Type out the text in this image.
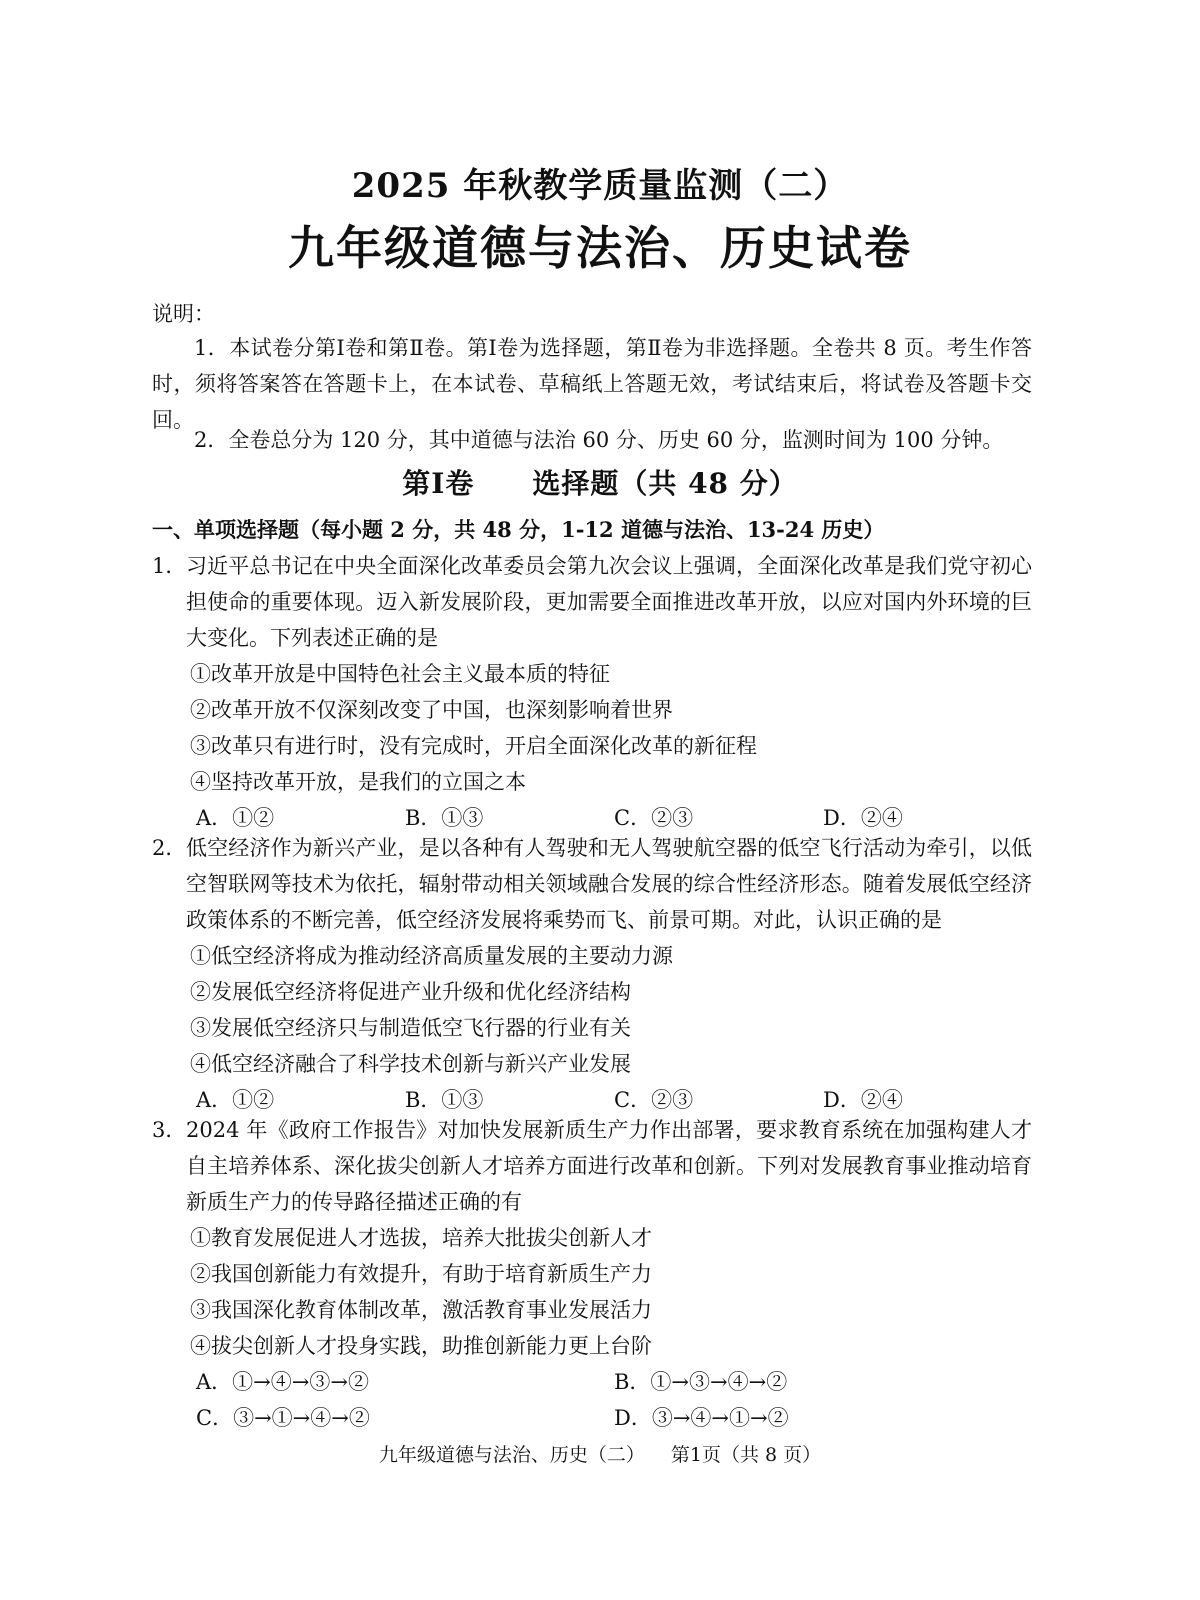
2025 年秋教学质量监测（二）
九年级道德与法治、历史试卷
说明：
1．本试卷分第Ⅰ卷和第Ⅱ卷。第Ⅰ卷为选择题，第Ⅱ卷为非选择题。全卷共 8 页。考生作答时，须将答案答在答题卡上，在本试卷、草稿纸上答题无效，考试结束后，将试卷及答题卡交回。
2．全卷总分为 120 分，其中道德与法治 60 分、历史 60 分，监测时间为 100 分钟。
第Ⅰ卷　　选择题（共 48 分）
一、单项选择题（每小题 2 分，共 48 分，1-12 道德与法治、13-24 历史）
1． 习近平总书记在中央全面深化改革委员会第九次会议上强调，全面深化改革是我们党守初心担使命的重要体现。迈入新发展阶段，更加需要全面推进改革开放，以应对国内外环境的巨大变化。下列表述正确的是
①改革开放是中国特色社会主义最本质的特征
②改革开放不仅深刻改变了中国，也深刻影响着世界
③改革只有进行时，没有完成时，开启全面深化改革的新征程
④坚持改革开放，是我们的立国之本
A．①②	B．①③	C．②③	D．②④
2． 低空经济作为新兴产业，是以各种有人驾驶和无人驾驶航空器的低空飞行活动为牵引，以低空智联网等技术为依托，辐射带动相关领域融合发展的综合性经济形态。随着发展低空经济政策体系的不断完善，低空经济发展将乘势而飞、前景可期。对此，认识正确的是
①低空经济将成为推动经济高质量发展的主要动力源
②发展低空经济将促进产业升级和优化经济结构
③发展低空经济只与制造低空飞行器的行业有关
④低空经济融合了科学技术创新与新兴产业发展
A．①②	B．①③	C．②③	D．②④
3． 2024 年《政府工作报告》对加快发展新质生产力作出部署，要求教育系统在加强构建人才自主培养体系、深化拔尖创新人才培养方面进行改革和创新。下列对发展教育事业推动培育新质生产力的传导路径描述正确的有
①教育发展促进人才选拔，培养大批拔尖创新人才
②我国创新能力有效提升，有助于培育新质生产力
③我国深化教育体制改革，激活教育事业发展活力
④拔尖创新人才投身实践，助推创新能力更上台阶
A．①→④→③→②	B．①→③→④→②
C．③→①→④→②	D．③→④→①→②
九年级道德与法治、历史（二） 第1页（共 8 页）
